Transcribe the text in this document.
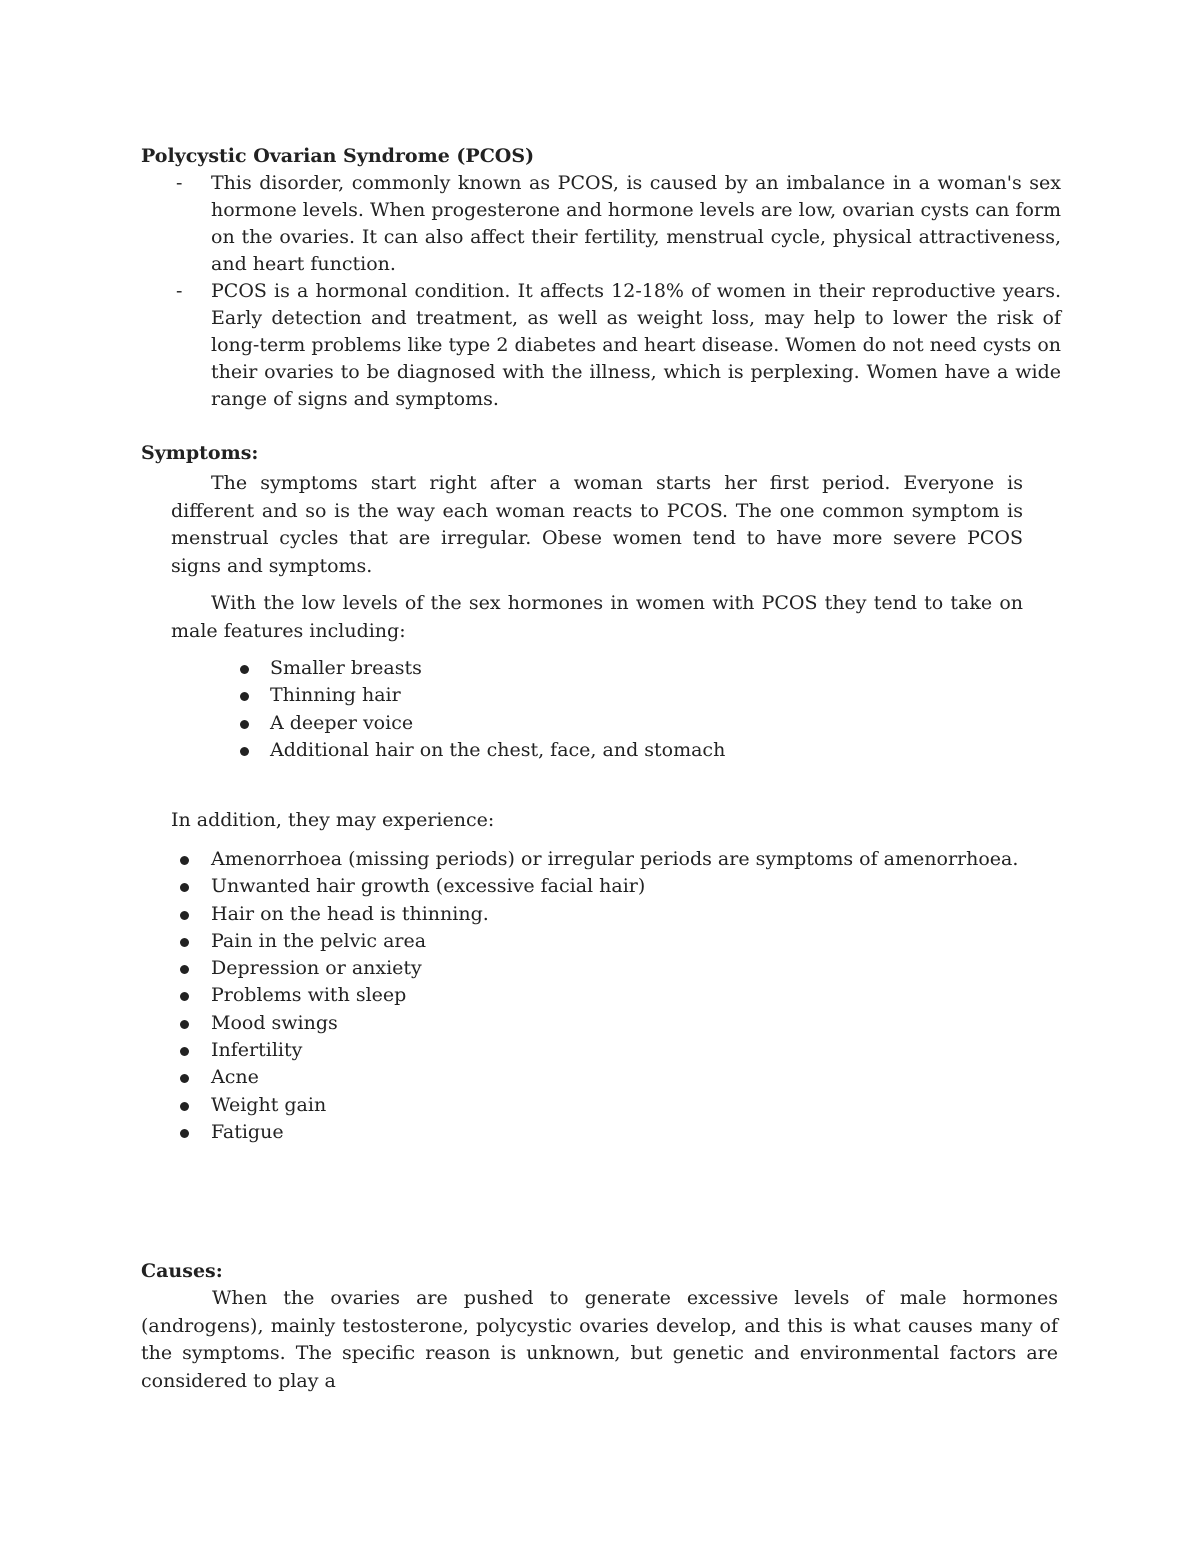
Polycystic Ovarian Syndrome (PCOS)
- This disorder, commonly known as PCOS, is caused by an imbalance in a woman's sex hormone levels. When progesterone and hormone levels are low, ovarian cysts can form on the ovaries. It can also affect their fertility, menstrual cycle, physical attractiveness, and heart function.
- PCOS is a hormonal condition. It affects 12-18% of women in their reproductive years. Early detection and treatment, as well as weight loss, may help to lower the risk of long-term problems like type 2 diabetes and heart disease. Women do not need cysts on their ovaries to be diagnosed with the illness, which is perplexing. Women have a wide range of signs and symptoms.
Symptoms:

The symptoms start right after a woman starts her first period. Everyone is different and so is the way each woman reacts to PCOS. The one common symptom is menstrual cycles that are irregular. Obese women tend to have more severe PCOS signs and symptoms.

With the low levels of the sex hormones in women with PCOS they tend to take on male features including:

Smaller breasts
Thinning hair
A deeper voice
Additional hair on the chest, face, and stomach

In addition, they may experience:

Amenorrhoea (missing periods) or irregular periods are symptoms of amenorrhoea.
Unwanted hair growth (excessive facial hair)
Hair on the head is thinning.
Pain in the pelvic area
Depression or anxiety
Problems with sleep
Mood swings
Infertility
Acne
Weight gain
Fatigue
Causes:

When the ovaries are pushed to generate excessive levels of male hormones (androgens), mainly testosterone, polycystic ovaries develop, and this is what causes many of the symptoms. The specific reason is unknown, but genetic and environmental factors are considered to play a
